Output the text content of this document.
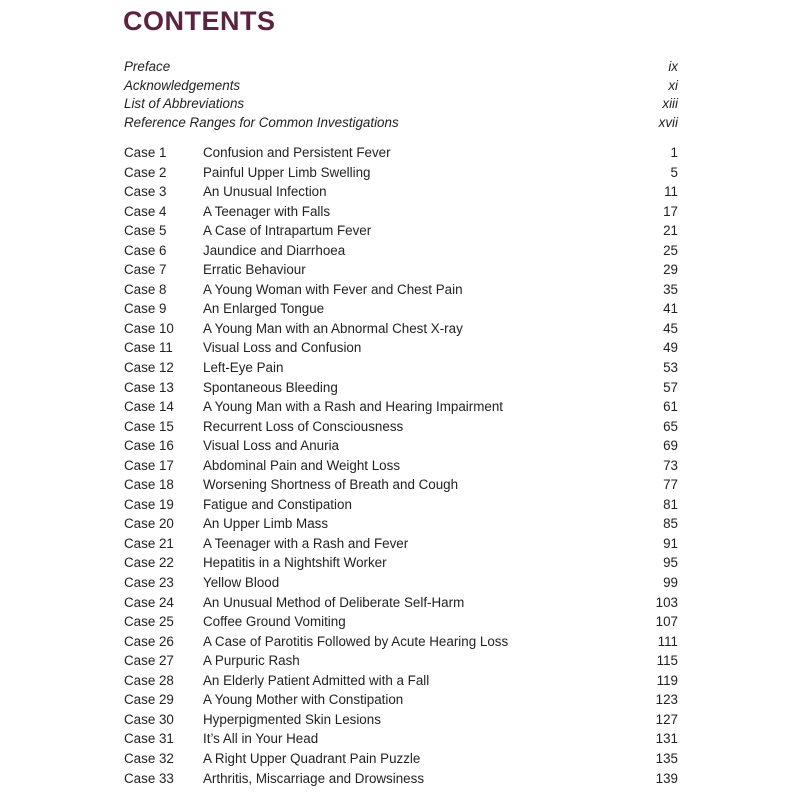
CONTENTS
Preface	ix
Acknowledgements	xi
List of Abbreviations	xiii
Reference Ranges for Common Investigations	xvii
Case 1	Confusion and Persistent Fever	1
Case 2	Painful Upper Limb Swelling	5
Case 3	An Unusual Infection	11
Case 4	A Teenager with Falls	17
Case 5	A Case of Intrapartum Fever	21
Case 6	Jaundice and Diarrhoea	25
Case 7	Erratic Behaviour	29
Case 8	A Young Woman with Fever and Chest Pain	35
Case 9	An Enlarged Tongue	41
Case 10	A Young Man with an Abnormal Chest X-ray	45
Case 11	Visual Loss and Confusion	49
Case 12	Left-Eye Pain	53
Case 13	Spontaneous Bleeding	57
Case 14	A Young Man with a Rash and Hearing Impairment	61
Case 15	Recurrent Loss of Consciousness	65
Case 16	Visual Loss and Anuria	69
Case 17	Abdominal Pain and Weight Loss	73
Case 18	Worsening Shortness of Breath and Cough	77
Case 19	Fatigue and Constipation	81
Case 20	An Upper Limb Mass	85
Case 21	A Teenager with a Rash and Fever	91
Case 22	Hepatitis in a Nightshift Worker	95
Case 23	Yellow Blood	99
Case 24	An Unusual Method of Deliberate Self-Harm	103
Case 25	Coffee Ground Vomiting	107
Case 26	A Case of Parotitis Followed by Acute Hearing Loss	111
Case 27	A Purpuric Rash	115
Case 28	An Elderly Patient Admitted with a Fall	119
Case 29	A Young Mother with Constipation	123
Case 30	Hyperpigmented Skin Lesions	127
Case 31	It’s All in Your Head	131
Case 32	A Right Upper Quadrant Pain Puzzle	135
Case 33	Arthritis, Miscarriage and Drowsiness	139
